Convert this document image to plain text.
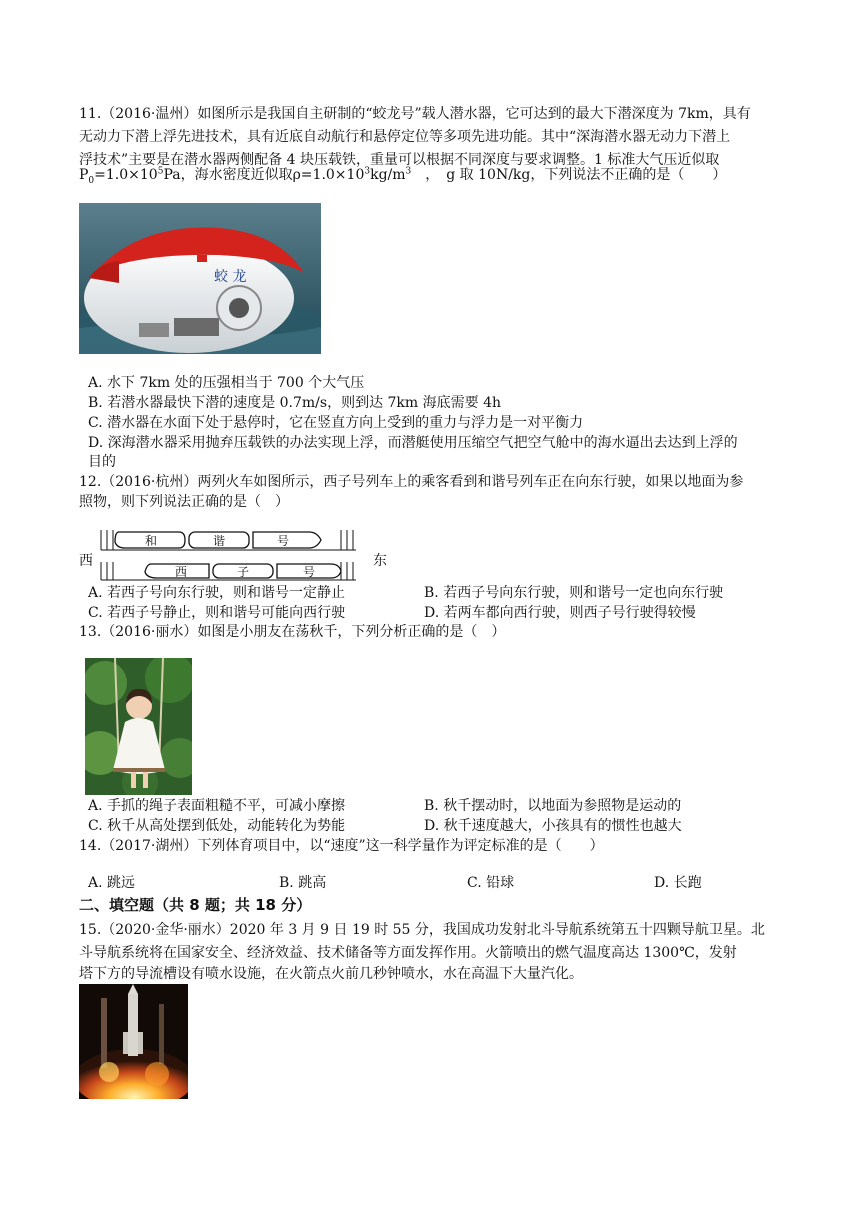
11.（2016·温州）如图所示是我国自主研制的“蛟龙号”载人潜水器，它可达到的最大下潜深度为 7km，具有
无动力下潜上浮先进技术，具有近底自动航行和悬停定位等多项先进功能。其中“深海潜水器无动力下潜上
浮技术”主要是在潜水器两侧配备 4 块压载铁，重量可以根据不同深度与要求调整。1 标准大气压近似取
$P_0=1.0\times 10^5Pa$，海水密度近似取$\rho=1.0\times 10^3kg/m^3$　，　g 取 10N/kg，下列说法不正确的是（　　）
蛟 龙
A. 水下 7km 处的压强相当于 700 个大气压
B. 若潜水器最快下潜的速度是 0.7m/s，则到达 7km 海底需要 4h
C. 潜水器在水面下处于悬停时，它在竖直方向上受到的重力与浮力是一对平衡力
D. 深海潜水器采用抛弃压载铁的办法实现上浮，而潜艇使用压缩空气把空气舱中的海水逼出去达到上浮的
目的
12.（2016·杭州）两列火车如图所示，西子号列车上的乘客看到和谐号列车正在向东行驶，如果以地面为参
照物，则下列说法正确的是（　）
西
和	谐	号
西	子	号
东
A. 若西子号向东行驶，则和谐号一定静止	B. 若西子号向东行驶，则和谐号一定也向东行驶
C. 若西子号静止，则和谐号可能向西行驶	D. 若两车都向西行驶，则西子号行驶得较慢
13.（2016·丽水）如图是小朋友在荡秋千，下列分析正确的是（　）
A. 手抓的绳子表面粗糙不平，可减小摩擦	B. 秋千摆动时，以地面为参照物是运动的
C. 秋千从高处摆到低处，动能转化为势能	D. 秋千速度越大，小孩具有的惯性也越大
14.（2017·湖州）下列体育项目中，以“速度”这一科学量作为评定标准的是（　　）
A. 跳远	B. 跳高	C. 铅球	D. 长跑
二、填空题（共 8 题；共 18 分）
15.（2020·金华·丽水）2020 年 3 月 9 日 19 时 55 分，我国成功发射北斗导航系统第五十四颗导航卫星。北
斗导航系统将在国家安全、经济效益、技术储备等方面发挥作用。火箭喷出的燃气温度高达 1300℃，发射
塔下方的导流槽设有喷水设施，在火箭点火前几秒钟喷水，水在高温下大量汽化。
